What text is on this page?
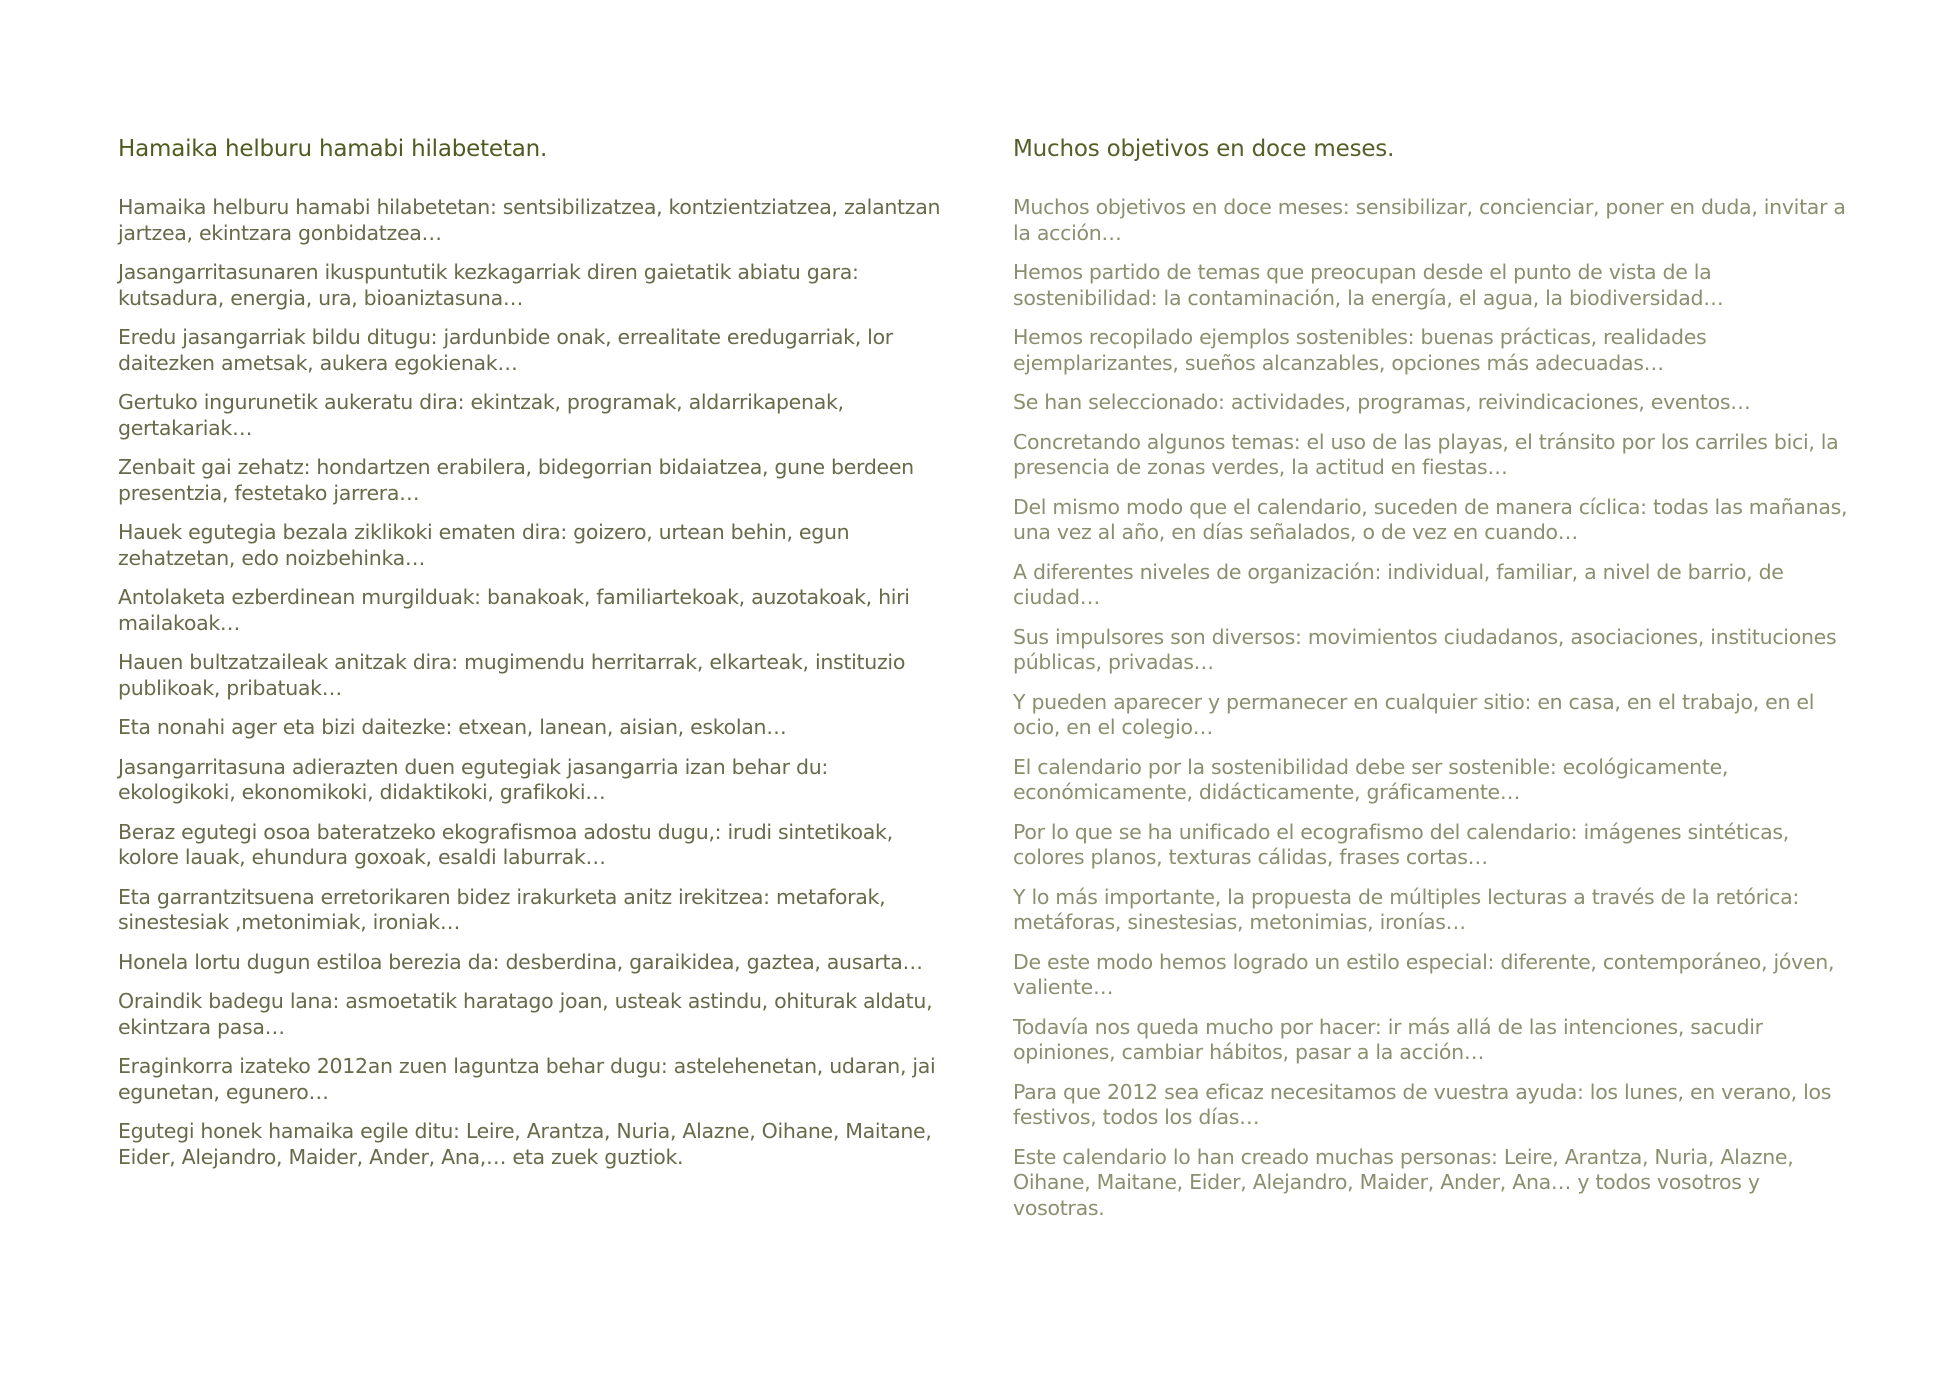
Hamaika helburu hamabi hilabetetan.

Hamaika helburu hamabi hilabetetan: sentsibilizatzea, kontzientziatzea, zalantzan jartzea, ekintzara gonbidatzea…

Jasangarritasunaren ikuspuntutik kezkagarriak diren gaietatik abiatu gara: kutsadura, energia, ura, bioaniztasuna…

Eredu jasangarriak bildu ditugu: jardunbide onak, errealitate eredugarriak, lor daitezken ametsak, aukera egokienak…

Gertuko ingurunetik aukeratu dira: ekintzak, programak, aldarrikapenak, gertakariak…

Zenbait gai zehatz: hondartzen erabilera, bidegorrian bidaiatzea, gune berdeen presentzia, festetako jarrera…

Hauek egutegia bezala ziklikoki ematen dira: goizero, urtean behin, egun zehatzetan, edo noizbehinka…

Antolaketa ezberdinean murgilduak: banakoak, familiartekoak, auzotakoak, hiri mailakoak…

Hauen bultzatzaileak anitzak dira: mugimendu herritarrak, elkarteak, instituzio publikoak, pribatuak…

Eta nonahi ager eta bizi daitezke: etxean, lanean, aisian, eskolan…

Jasangarritasuna adierazten duen egutegiak jasangarria izan behar du: ekologikoki, ekonomikoki, didaktikoki, grafikoki…

Beraz egutegi osoa bateratzeko ekografismoa adostu dugu,: irudi sintetikoak, kolore lauak, ehundura goxoak, esaldi laburrak…

Eta garrantzitsuena erretorikaren bidez irakurketa anitz irekitzea: metaforak, sinestesiak ,metonimiak, ironiak…

Honela lortu dugun estiloa berezia da: desberdina, garaikidea, gaztea, ausarta…

Oraindik badegu lana: asmoetatik haratago joan, usteak astindu, ohiturak aldatu, ekintzara pasa…

Eraginkorra izateko 2012an zuen laguntza behar dugu: astelehenetan, udaran, jai egunetan, egunero…

Egutegi honek hamaika egile ditu: Leire, Arantza, Nuria, Alazne, Oihane, Maitane, Eider, Alejandro, Maider, Ander, Ana,… eta zuek guztiok.

Muchos objetivos en doce meses.

Muchos objetivos en doce meses: sensibilizar, concienciar, poner en duda, invitar a la acción…

Hemos partido de temas que preocupan desde el punto de vista de la sostenibilidad: la contaminación, la energía, el agua, la biodiversidad…

Hemos recopilado ejemplos sostenibles: buenas prácticas, realidades ejemplarizantes, sueños alcanzables, opciones más adecuadas…

Se han seleccionado: actividades, programas, reivindicaciones, eventos…

Concretando algunos temas: el uso de las playas, el tránsito por los carriles bici, la presencia de zonas verdes, la actitud en fiestas…

Del mismo modo que el calendario, suceden de manera cíclica: todas las mañanas, una vez al año, en días señalados, o de vez en cuando…

A diferentes niveles de organización: individual, familiar, a nivel de barrio, de ciudad…

Sus impulsores son diversos: movimientos ciudadanos, asociaciones, instituciones públicas, privadas…

Y pueden aparecer y permanecer en cualquier sitio: en casa, en el trabajo, en el ocio, en el colegio…

El calendario por la sostenibilidad debe ser sostenible: ecológicamente, económicamente, didácticamente, gráficamente…

Por lo que se ha unificado el ecografismo del calendario: imágenes sintéticas, colores planos, texturas cálidas, frases cortas…

Y lo más importante, la propuesta de múltiples lecturas a través de la retórica: metáforas, sinestesias, metonimias, ironías…

De este modo hemos logrado un estilo especial: diferente, contemporáneo, jóven, valiente…

Todavía nos queda mucho por hacer: ir más allá de las intenciones, sacudir opiniones, cambiar hábitos, pasar a la acción…

Para que 2012 sea eficaz necesitamos de vuestra ayuda: los lunes, en verano, los festivos, todos los días…

Este calendario lo han creado muchas personas: Leire, Arantza, Nuria, Alazne, Oihane, Maitane, Eider, Alejandro, Maider, Ander, Ana… y todos vosotros y vosotras.
